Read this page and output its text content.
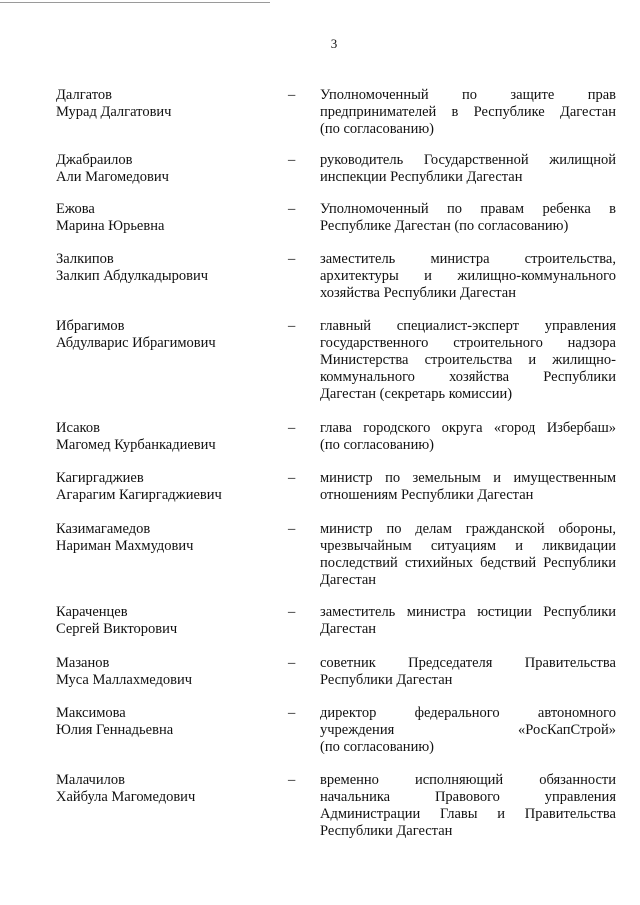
3
Далгатов
Мурад Далгатович
– Уполномоченный по защите прав
предпринимателей в Республике Дагестан
(по согласованию)
Джабраилов
Али Магомедович
– руководитель Государственной жилищной
инспекции Республики Дагестан
Ежова
Марина Юрьевна
– Уполномоченный по правам ребенка в
Республике Дагестан (по согласованию)
Залкипов
Залкип Абдулкадырович
– заместитель министра строительства,
архитектуры и жилищно-коммунального
хозяйства Республики Дагестан
Ибрагимов
Абдулварис Ибрагимович
– главный специалист-эксперт управления
государственного строительного надзора
Министерства строительства и жилищно-
коммунального хозяйства Республики
Дагестан (секретарь комиссии)
Исаков
Магомед Курбанкадиевич
– глава городского округа «город Избербаш»
(по согласованию)
Кагиргаджиев
Агарагим Кагиргаджиевич
– министр по земельным и имущественным
отношениям Республики Дагестан
Казимагамедов
Нариман Махмудович
– министр по делам гражданской обороны,
чрезвычайным ситуациям и ликвидации
последствий стихийных бедствий Республики
Дагестан
Караченцев
Сергей Викторович
– заместитель министра юстиции Республики
Дагестан
Мазанов
Муса Маллахмедович
– советник Председателя Правительства
Республики Дагестан
Максимова
Юлия Геннадьевна
– директор федерального автономного
учреждения «РосКапСтрой»
(по согласованию)
Малачилов
Хайбула Магомедович
– временно исполняющий обязанности
начальника Правового управления
Администрации Главы и Правительства
Республики Дагестан
